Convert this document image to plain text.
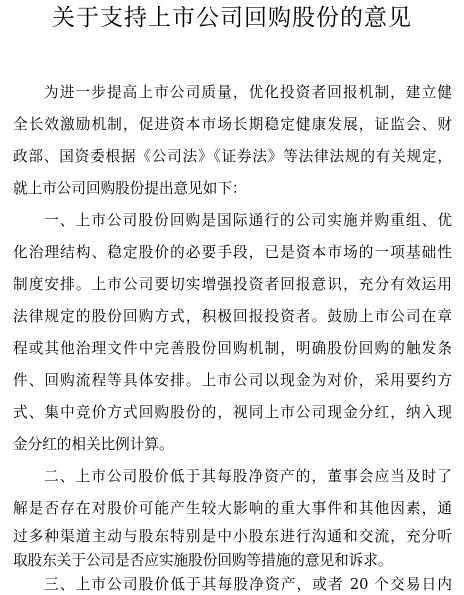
关于支持上市公司回购股份的意见
为进一步提高上市公司质量，优化投资者回报机制，建立健
全长效激励机制，促进资本市场长期稳定健康发展，证监会、财
政部、国资委根据《公司法》《证券法》等法律法规的有关规定，
就上市公司回购股份提出意见如下：
一、上市公司股份回购是国际通行的公司实施并购重组、优
化治理结构、稳定股价的必要手段，已是资本市场的一项基础性
制度安排。上市公司要切实增强投资者回报意识，充分有效运用
法律规定的股份回购方式，积极回报投资者。鼓励上市公司在章
程或其他治理文件中完善股份回购机制，明确股份回购的触发条
件、回购流程等具体安排。上市公司以现金为对价，采用要约方
式、集中竞价方式回购股份的，视同上市公司现金分红，纳入现
金分红的相关比例计算。
二、上市公司股价低于其每股净资产的，董事会应当及时了
解是否存在对股价可能产生较大影响的重大事件和其他因素，通
过多种渠道主动与股东特别是中小股东进行沟通和交流，充分听
取股东关于公司是否应实施股份回购等措施的意见和诉求。
三、上市公司股价低于其每股净资产，或者 20 个交易日内
